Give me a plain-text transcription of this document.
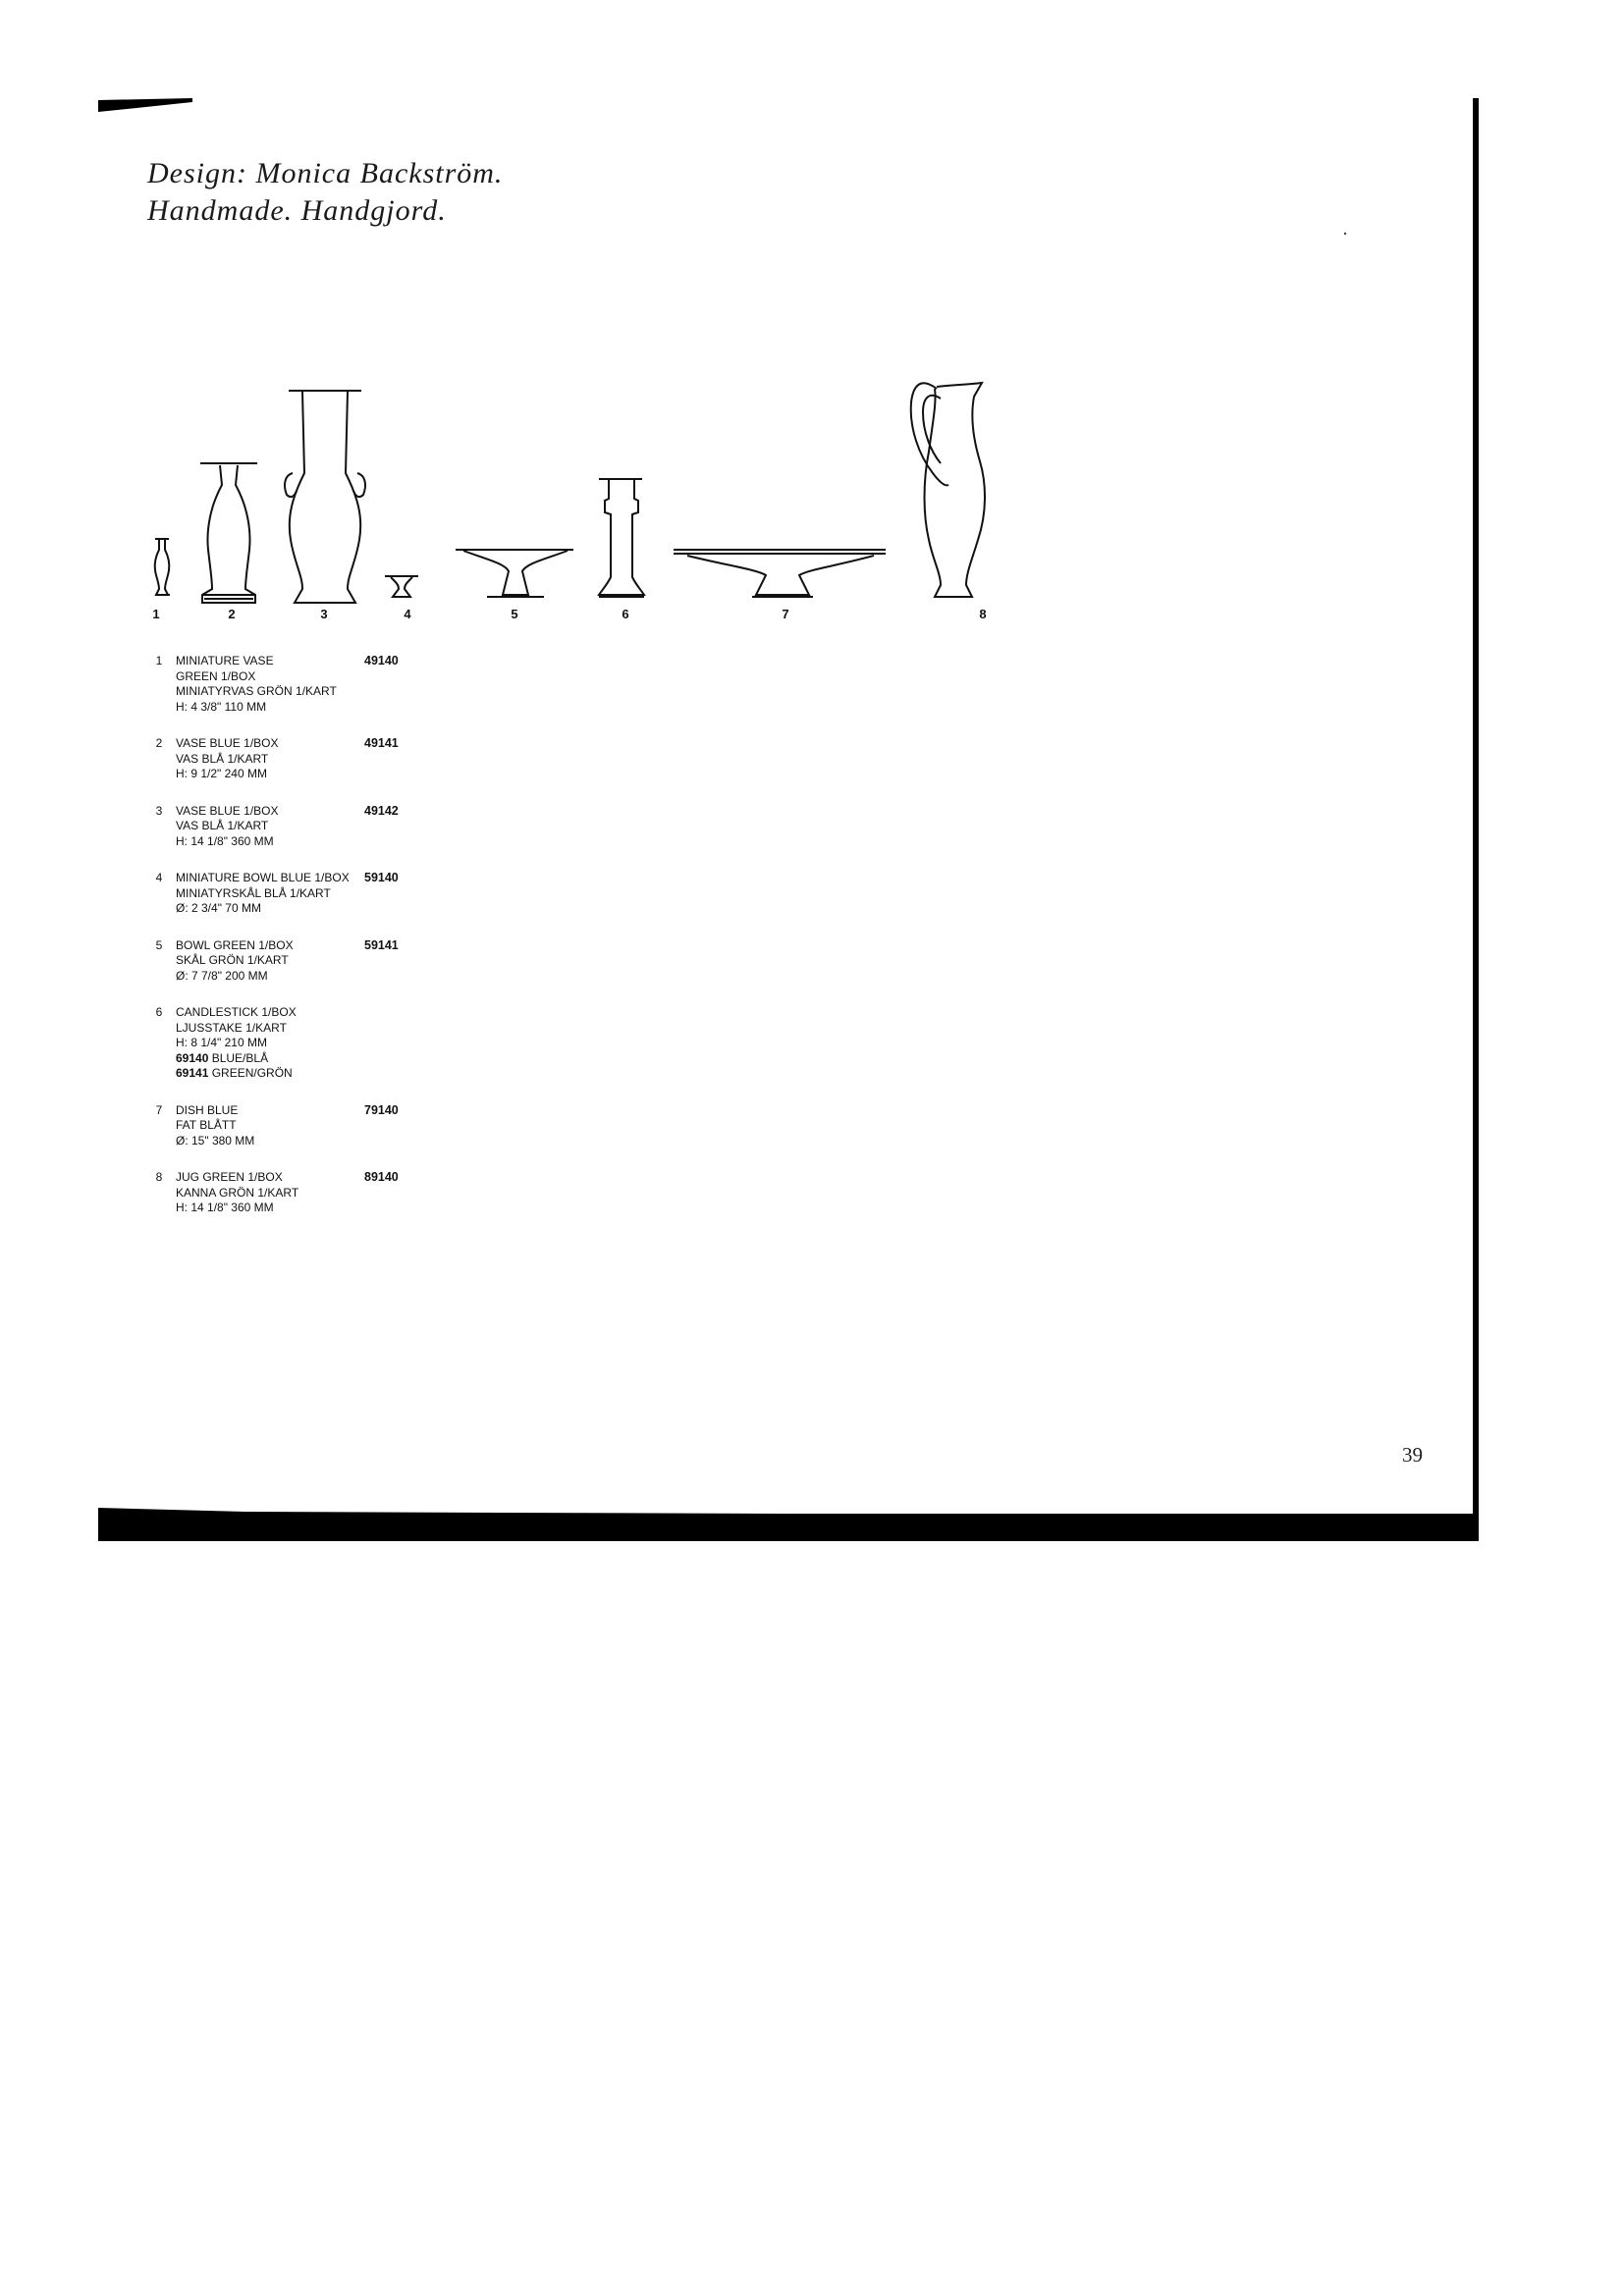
Design: Monica Backström.
Handmade. Handgjord.
1	2	3	4	5	6	7	8
1 MINIATURE VASE
GREEN 1/BOX
MINIATYRVAS GRÖN 1/KART
H: 4 3/8" 110 MM
49140
2 VASE BLUE 1/BOX
VAS BLÅ 1/KART
H: 9 1/2" 240 MM
49141
3 VASE BLUE 1/BOX
VAS BLÅ 1/KART
H: 14 1/8" 360 MM
49142
4 MINIATURE BOWL BLUE 1/BOX
MINIATYRSKÅL BLÅ 1/KART
Ø: 2 3/4" 70 MM
59140
5 BOWL GREEN 1/BOX
SKÅL GRÖN 1/KART
Ø: 7 7/8" 200 MM
59141
6 CANDLESTICK 1/BOX
LJUSSTAKE 1/KART
H: 8 1/4" 210 MM
69140 BLUE/BLÅ
69141 GREEN/GRÖN
7 DISH BLUE
FAT BLÅTT
Ø: 15" 380 MM
79140
8 JUG GREEN 1/BOX
KANNA GRÖN 1/KART
H: 14 1/8" 360 MM
89140
39
